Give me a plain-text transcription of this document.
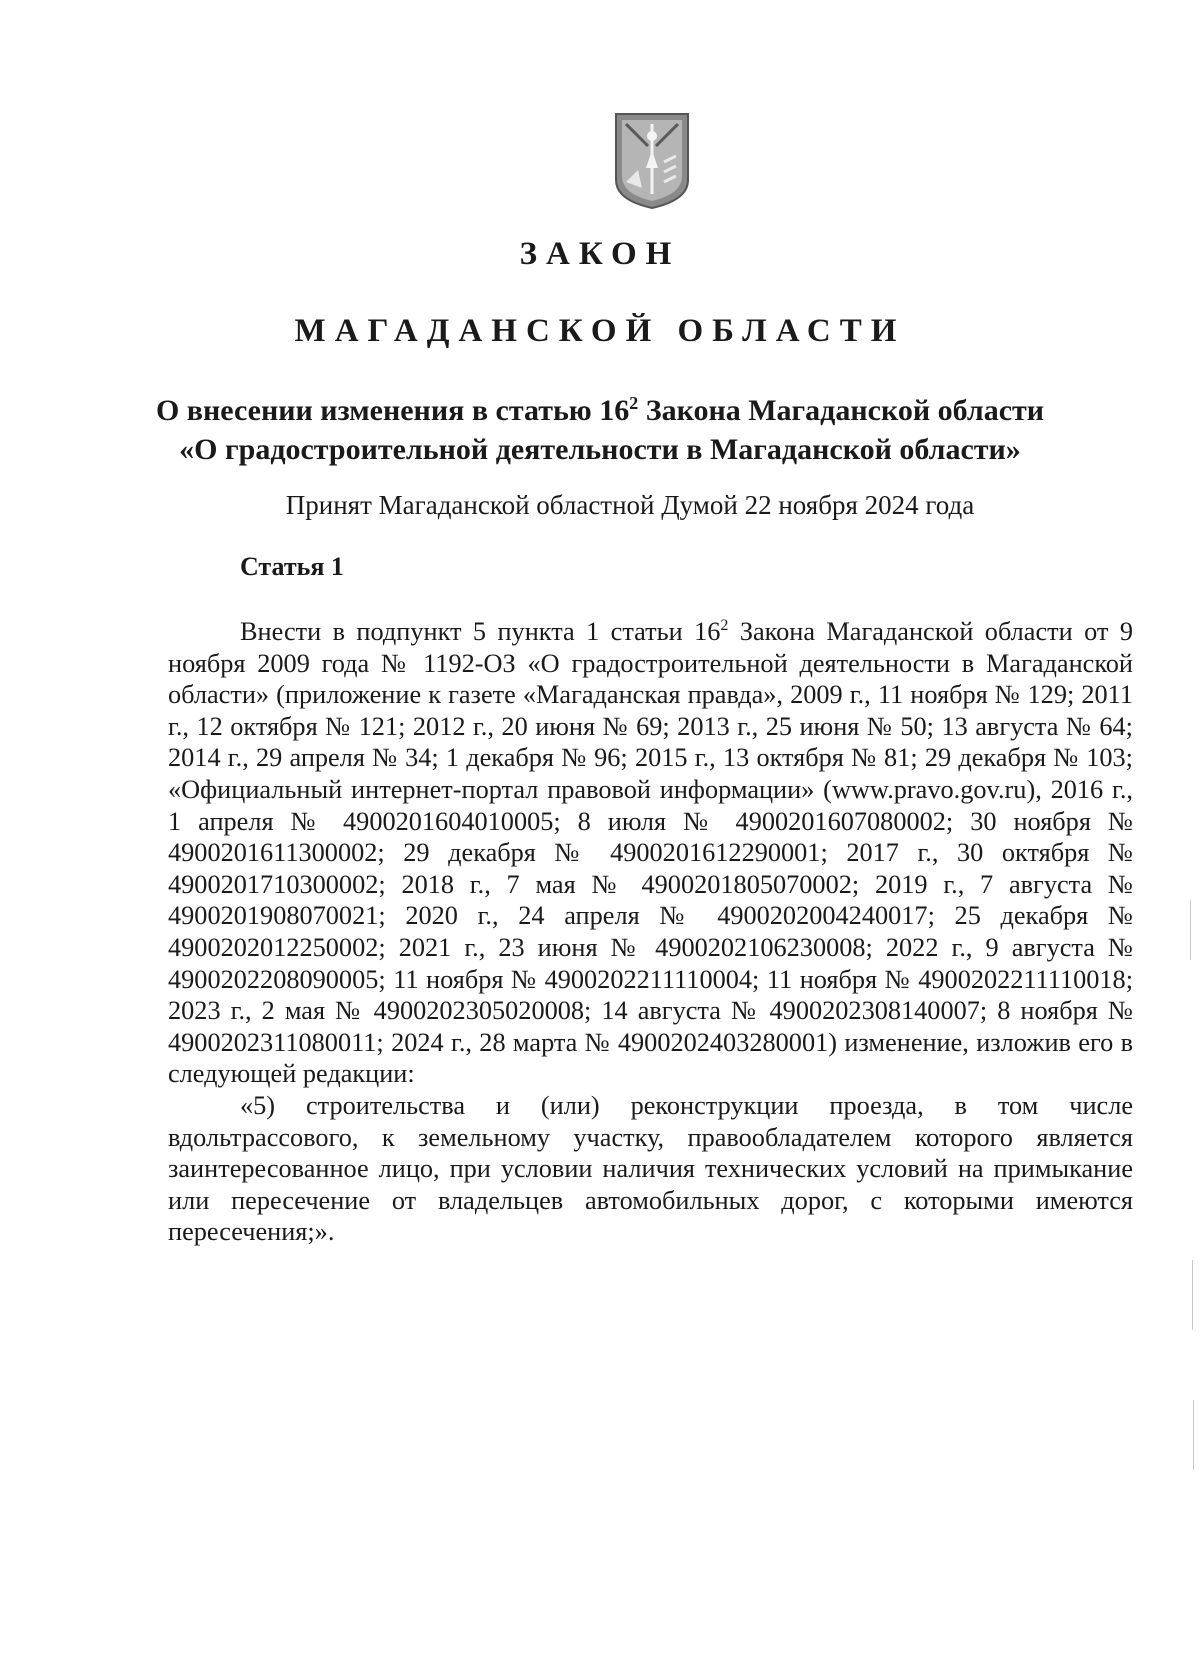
ЗАКОН
МАГАДАНСКОЙ ОБЛАСТИ
О внесении изменения в статью $16^2$ Закона Магаданской области
«О градостроительной деятельности в Магаданской области»
Принят Магаданской областной Думой 22 ноября 2024 года
Статья 1

Внести в подпункт 5 пункта 1 статьи $16^2$ Закона Магаданской области от 9 ноября 2009 года № 1192-ОЗ «О градостроительной деятельности в Магаданской области» (приложение к газете «Магаданская правда», 2009 г., 11 ноября № 129; 2011 г., 12 октября № 121; 2012 г., 20 июня № 69; 2013 г., 25 июня № 50; 13 августа № 64; 2014 г., 29 апреля № 34; 1 декабря № 96; 2015 г., 13 октября № 81; 29 декабря № 103; «Официальный интернет-портал правовой информации» (www.pravo.gov.ru), 2016 г., 1 апреля № 4900201604010005; 8 июля № 4900201607080002; 30 ноября № 4900201611300002; 29 декабря № 4900201612290001; 2017 г., 30 октября № 4900201710300002; 2018 г., 7 мая № 4900201805070002; 2019 г., 7 августа № 4900201908070021; 2020 г., 24 апреля № 4900202004240017; 25 декабря № 4900202012250002; 2021 г., 23 июня № 4900202106230008; 2022 г., 9 августа № 4900202208090005; 11 ноября № 4900202211110004; 11 ноября № 4900202211110018; 2023 г., 2 мая № 4900202305020008; 14 августа № 4900202308140007; 8 ноября № 4900202311080011; 2024 г., 28 марта № 4900202403280001) изменение, изложив его в следующей редакции:

«5) строительства и (или) реконструкции проезда, в том числе вдольтрассового, к земельному участку, правообладателем которого является заинтересованное лицо, при условии наличия технических условий на примыкание или пересечение от владельцев автомобильных дорог, с которыми имеются пересечения;».
